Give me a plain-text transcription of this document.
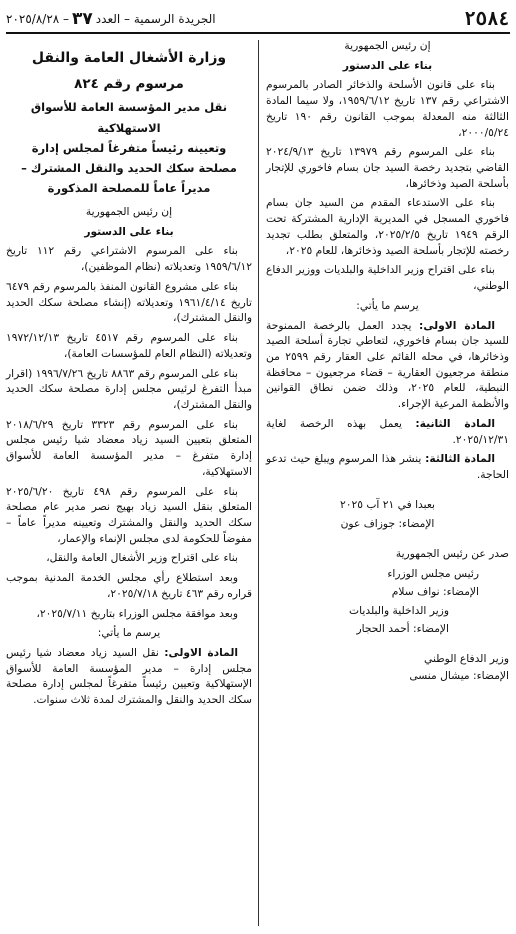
٢٥٨٤
الجريدة الرسمية – العدد
٣٧
– ٢٠٢٥/٨/٢٨

إن رئيس الجمهورية

بناء على الدستور

بناء على قانون الأسلحة والذخائر الصادر بالمرسوم الاشتراعي رقم ١٣٧ تاريخ ١٩٥٩/٦/١٢، ولا سيما المادة الثالثة منه المعدلة بموجب القانون رقم ١٩٠ تاريخ ٢٠٠٠/٥/٢٤،

بناء على المرسوم رقم ١٣٩٧٩ تاريخ ٢٠٢٤/٩/١٣ القاضي بتجديد رخصة السيد جان بسام فاخوري للإتجار بأسلحة الصيد وذخائرها،

بناء على الاستدعاء المقدم من السيد جان بسام فاخوري المسجل في المديرية الإدارية المشتركة تحت الرقم ١٩٤٩ تاريخ ٢٠٢٥/٢/٥، والمتعلق بطلب تجديد رخصته للإتجار بأسلحة الصيد وذخائرها، للعام ٢٠٢٥،

بناء على اقتراح وزير الداخلية والبلديات ووزير الدفاع الوطني،

يرسم ما يأتي:

المادة الاولى: يجدد العمل بالرخصة الممنوحة للسيد جان بسام فاخوري، لتعاطي تجارة أسلحة الصيد وذخائرها، في محله القائم على العقار رقم ٢٥٩٩ من منطقة مرجعيون العقارية – قضاء مرجعيون – محافظة النبطية، للعام ٢٠٢٥، وذلك ضمن نطاق القوانين والأنظمة المرعية الإجراء.

المادة الثانية: يعمل بهذه الرخصة لغاية ٢٠٢٥/١٢/٣١.

المادة الثالثة: ينشر هذا المرسوم ويبلغ حيث تدعو الحاجة.

بعبدا في ٢١ آب ٢٠٢٥

الإمضاء: جوزاف عون

صدر عن رئيس الجمهورية

رئيس مجلس الوزراء

الإمضاء: نواف سلام

وزير الداخلية والبلديات

الإمضاء: أحمد الحجار

وزير الدفاع الوطني

الإمضاء: ميشال منسى

وزارة الأشغال العامة والنقل
مرسوم رقم ٨٢٤
نقل مدير المؤسسة العامة للأسواق الاستهلاكية
وتعيينه رئيساً متفرغاً لمجلس إدارة
مصلحة سكك الحديد والنقل المشترك –
مديراً عاماً للمصلحة المذكورة

إن رئيس الجمهورية

بناء على الدستور

بناء على المرسوم الاشتراعي رقم ١١٢ تاريخ ١٩٥٩/٦/١٢ وتعديلاته (نظام الموظفين)،

بناء على مشروع القانون المنفذ بالمرسوم رقم ٦٤٧٩ تاريخ ١٩٦١/٤/١٤ وتعديلاته (إنشاء مصلحة سكك الحديد والنقل المشترك)،

بناء على المرسوم رقم ٤٥١٧ تاريخ ١٩٧٢/١٢/١٣ وتعديلاته (النظام العام للمؤسسات العامة)،

بناء على المرسوم رقم ٨٨٦٣ تاريخ ١٩٩٦/٧/٢٦ (اقرار مبدأ التفرغ لرئيس مجلس إدارة مصلحة سكك الحديد والنقل المشترك)،

بناء على المرسوم رقم ٣٣٢٣ تاريخ ٢٠١٨/٦/٢٩ المتعلق بتعيين السيد زياد معضاد شيا رئيس مجلس إدارة متفرغ – مدير المؤسسة العامة للأسواق الاستهلاكية،

بناء على المرسوم رقم ٤٩٨ تاريخ ٢٠٢٥/٦/٢٠ المتعلق بنقل السيد زياد بهيج نصر مدير عام مصلحة سكك الحديد والنقل والمشترك وتعيينه مديراً عاماً – مفوضاً للحكومة لدى مجلس الإنماء والإعمار،

بناء على اقتراح وزير الأشغال العامة والنقل،

وبعد استطلاع رأي مجلس الخدمة المدنية بموجب قراره رقم ٤٦٣ تاريخ ٢٠٢٥/٧/١٨،

وبعد موافقة مجلس الوزراء بتاريخ ٢٠٢٥/٧/١١،

يرسم ما يأتي:

المادة الاولى: نقل السيد زياد معضاد شيا رئيس مجلس إدارة – مدير المؤسسة العامة للأسواق الإستهلاكية وتعيين رئيساً متفرغاً لمجلس إدارة مصلحة سكك الحديد والنقل والمشترك لمدة ثلاث سنوات.
